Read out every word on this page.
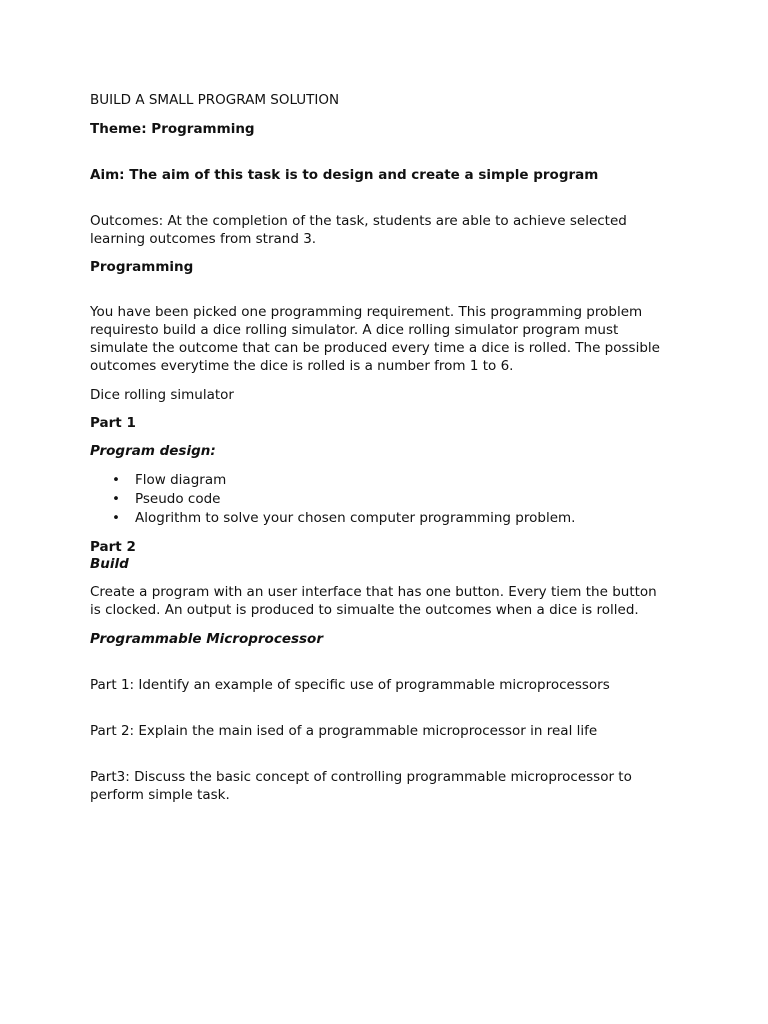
BUILD A SMALL PROGRAM SOLUTION

Theme: Programming

Aim: The aim of this task is to design and create a simple program

Outcomes: At the completion of the task, students are able to achieve selected

learning outcomes from strand 3.

Programming

You have been picked one programming requirement. This programming problem

requiresto build a dice rolling simulator. A dice rolling simulator program must

simulate the outcome that can be produced every time a dice is rolled. The possible

outcomes everytime the dice is rolled is a number from 1 to 6.

Dice rolling simulator

Part 1

Program design:

• Flow diagram

• Pseudo code

• Alogrithm to solve your chosen computer programming problem.

Part 2

Build

Create a program with an user interface that has one button. Every tiem the button

is clocked. An output is produced to simualte the outcomes when a dice is rolled.

Programmable Microprocessor

Part 1: Identify an example of specific use of programmable microprocessors

Part 2: Explain the main ised of a programmable microprocessor in real life

Part3: Discuss the basic concept of controlling programmable microprocessor to

perform simple task.
